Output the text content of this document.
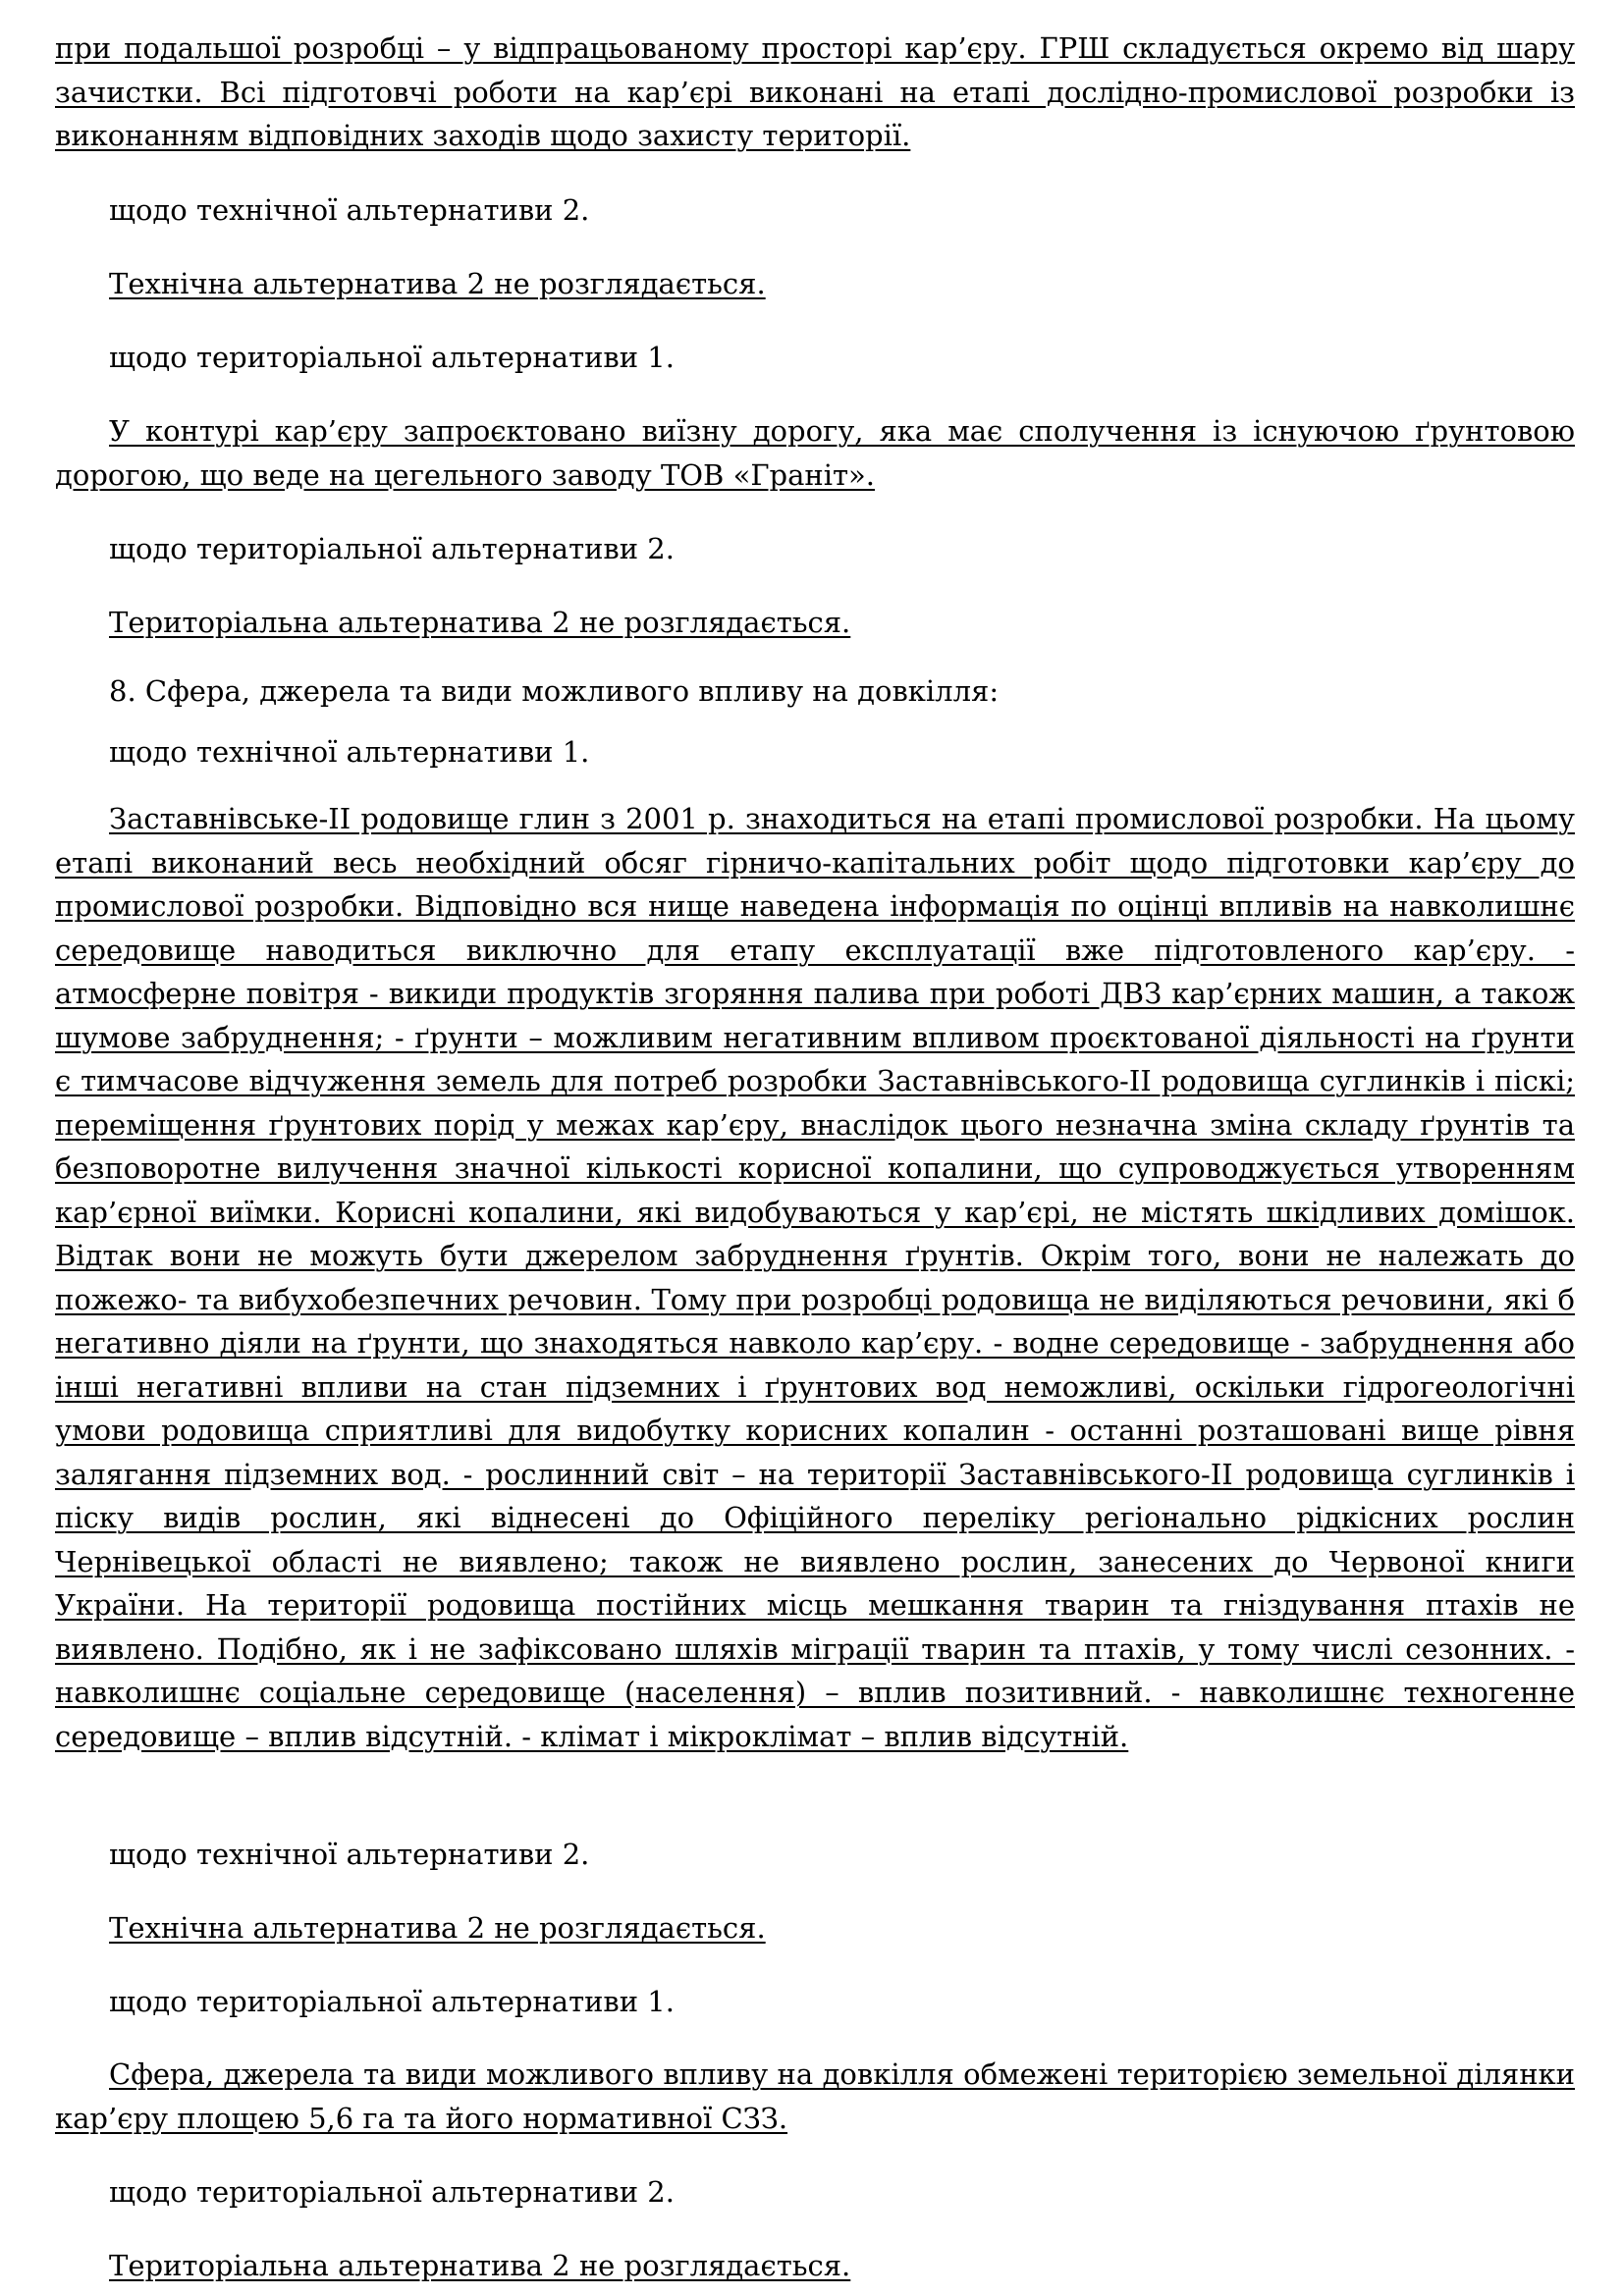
при подальшої розробці – у відпрацьованому просторі кар’єру. ГРШ складується окремо від шару зачистки. Всі підготовчі роботи на кар’єрі виконані на етапі дослідно-промислової розробки із виконанням відповідних заходів щодо захисту території.

щодо технічної альтернативи 2.

Технічна альтернатива 2 не розглядається.

щодо територіальної альтернативи 1.

У контурі кар’єру запроєктовано виїзну дорогу, яка має сполучення із існуючою ґрунтовою дорогою, що веде на цегельного заводу ТОВ «Граніт».

щодо територіальної альтернативи 2.

Територіальна альтернатива 2 не розглядається.

8. Сфера, джерела та види можливого впливу на довкілля:

щодо технічної альтернативи 1.

Заставнівське-ІІ родовище глин з 2001 р. знаходиться на етапі промислової розробки. На цьому етапі виконаний весь необхідний обсяг гірничо-капітальних робіт щодо підготовки кар’єру до промислової розробки. Відповідно вся нище наведена інформація по оцінці впливів на навколишнє середовище наводиться виключно для етапу експлуатації вже підготовленого кар’єру. - атмосферне повітря - викиди продуктів згоряння палива при роботі ДВЗ кар’єрних машин, а також шумове забруднення; - ґрунти – можливим негативним впливом проєктованої діяльності на ґрунти є тимчасове відчуження земель для потреб розробки Заставнівського-ІІ родовища суглинків і піскі; переміщення ґрунтових порід у межах кар’єру, внаслідок цього незначна зміна складу ґрунтів та безповоротне вилучення значної кількості корисної копалини, що супроводжується утворенням кар’єрної виїмки. Корисні копалини, які видобуваються у кар’єрі, не містять шкідливих домішок. Відтак вони не можуть бути джерелом забруднення ґрунтів. Окрім того, вони не належать до пожежо- та вибухобезпечних речовин. Тому при розробці родовища не виділяються речовини, які б негативно діяли на ґрунти, що знаходяться навколо кар’єру. - водне середовище - забруднення або інші негативні впливи на стан підземних і ґрунтових вод неможливі, оскільки гідрогеологічні умови родовища сприятливі для видобутку корисних копалин - останні розташовані вище рівня залягання підземних вод. - рослинний світ – на території Заставнівського-ІІ родовища суглинків і піску видів рослин, які віднесені до Офіційного переліку регіонально рідкісних рослин Чернівецької області не виявлено; також не виявлено рослин, занесених до Червоної книги України. На території родовища постійних місць мешкання тварин та гніздування птахів не виявлено. Подібно, як і не зафіксовано шляхів міграції тварин та птахів, у тому числі сезонних. - навколишнє соціальне середовище (населення) – вплив позитивний. - навколишнє техногенне середовище – вплив відсутній. - клімат і мікроклімат – вплив відсутній.

щодо технічної альтернативи 2.

Технічна альтернатива 2 не розглядається.

щодо територіальної альтернативи 1.

Сфера, джерела та види можливого впливу на довкілля обмежені територією земельної ділянки кар’єру площею 5,6 га та його нормативної СЗЗ.

щодо територіальної альтернативи 2.

Територіальна альтернатива 2 не розглядається.
